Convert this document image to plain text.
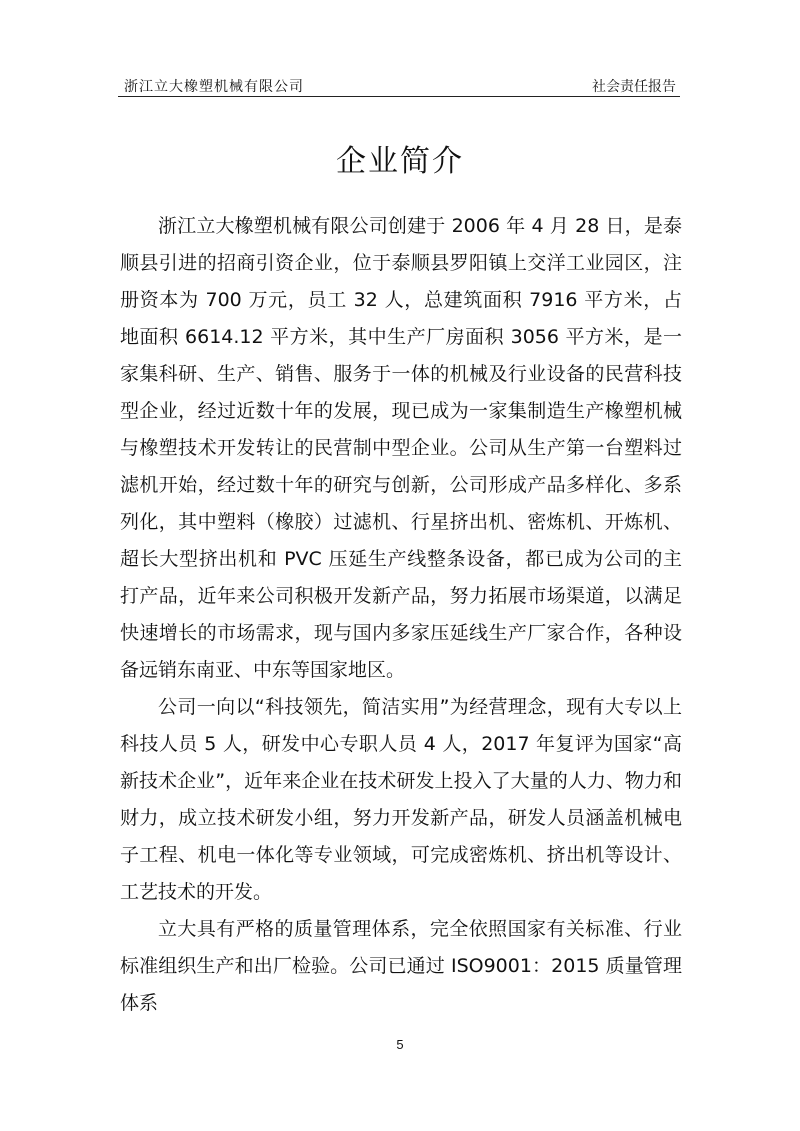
浙江立大橡塑机械有限公司	社会责任报告
企业简介

浙江立大橡塑机械有限公司创建于 2006 年 4 月 28 日，是泰顺县引进的招商引资企业，位于泰顺县罗阳镇上交洋工业园区，注册资本为 700 万元，员工 32 人，总建筑面积 7916 平方米，占地面积 6614.12 平方米，其中生产厂房面积 3056 平方米，是一家集科研、生产、销售、服务于一体的机械及行业设备的民营科技型企业，经过近数十年的发展，现已成为一家集制造生产橡塑机械与橡塑技术开发转让的民营制中型企业。公司从生产第一台塑料过滤机开始，经过数十年的研究与创新，公司形成产品多样化、多系列化，其中塑料（橡胶）过滤机、行星挤出机、密炼机、开炼机、超长大型挤出机和 PVC 压延生产线整条设备，都已成为公司的主打产品，近年来公司积极开发新产品，努力拓展市场渠道，以满足快速增长的市场需求，现与国内多家压延线生产厂家合作，各种设备远销东南亚、中东等国家地区。

公司一向以“科技领先，简洁实用”为经营理念，现有大专以上科技人员 5 人，研发中心专职人员 4 人，2017 年复评为国家“高新技术企业”，近年来企业在技术研发上投入了大量的人力、物力和财力，成立技术研发小组，努力开发新产品，研发人员涵盖机械电子工程、机电一体化等专业领域，可完成密炼机、挤出机等设计、工艺技术的开发。

立大具有严格的质量管理体系，完全依照国家有关标准、行业标准组织生产和出厂检验。公司已通过 ISO9001：2015 质量管理体系

5
